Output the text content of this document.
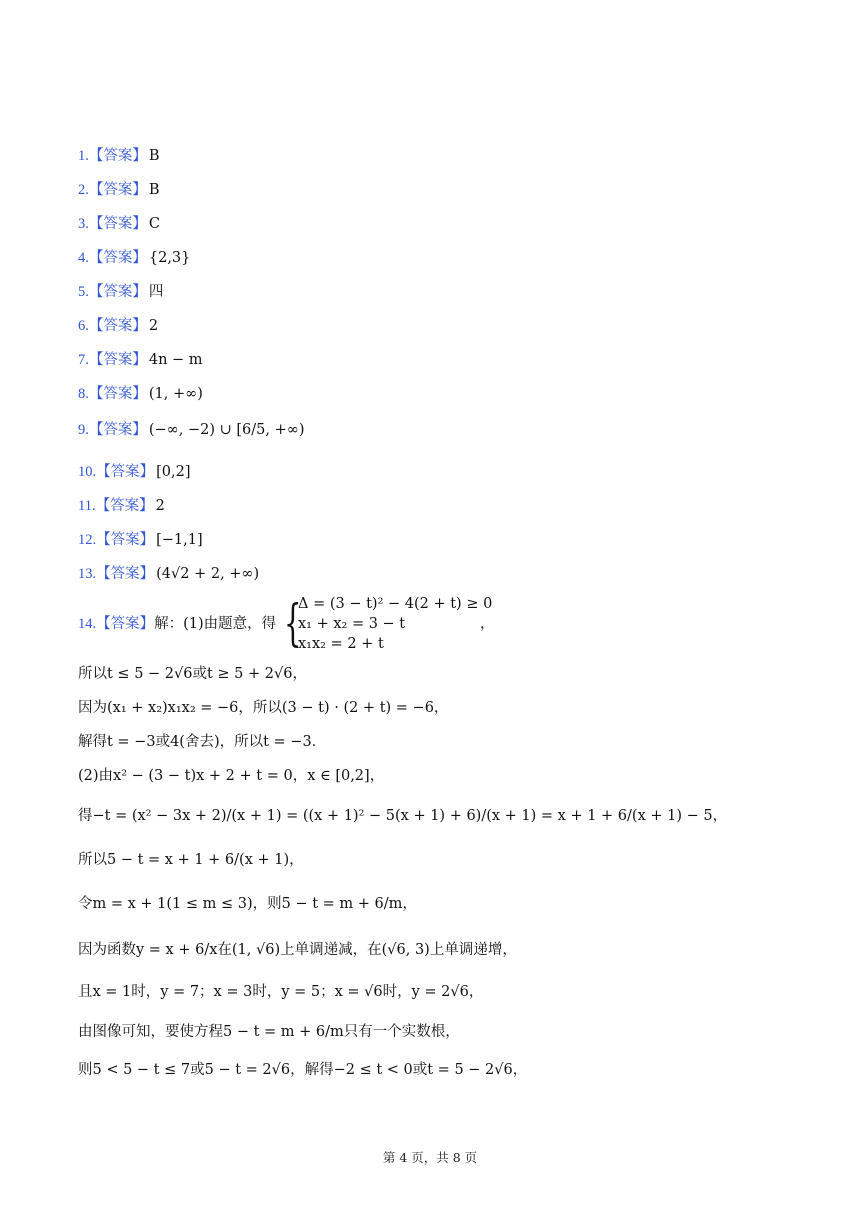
1.【答案】 B
2.【答案】 B
3.【答案】 C
4.【答案】 {2,3}
5.【答案】 四
6.【答案】 2
7.【答案】 4n − m
8.【答案】 (1, +∞)
9.【答案】 (−∞, −2) ∪ [6/5, +∞)
10.【答案】 [0,2]
11.【答案】 2
12.【答案】 [−1,1]
13.【答案】 (4√2 + 2, +∞)
14.【答案】解：(1)由题意，得 {
Δ = (3 − t)² − 4(2 + t) ≥ 0
x₁ + x₂ = 3 − t
x₁x₂ = 2 + t
，
所以t ≤ 5 − 2√6或t ≥ 5 + 2√6，
因为(x₁ + x₂)x₁x₂ = −6，所以(3 − t) · (2 + t) = −6，
解得t = −3或4(舍去)，所以t = −3．
(2)由x² − (3 − t)x + 2 + t = 0，x ∈ [0,2]，
得−t = (x² − 3x + 2)/(x + 1) = ((x + 1)² − 5(x + 1) + 6)/(x + 1) = x + 1 + 6/(x + 1) − 5，
所以5 − t = x + 1 + 6/(x + 1)，
令m = x + 1(1 ≤ m ≤ 3)，则5 − t = m + 6/m，
因为函数y = x + 6/x在(1, √6)上单调递减，在(√6, 3)上单调递增，
且x = 1时，y = 7；x = 3时，y = 5；x = √6时，y = 2√6，
由图像可知，要使方程5 − t = m + 6/m只有一个实数根，
则5 < 5 − t ≤ 7或5 − t = 2√6，解得−2 ≤ t < 0或t = 5 − 2√6，
第 4 页，共 8 页
